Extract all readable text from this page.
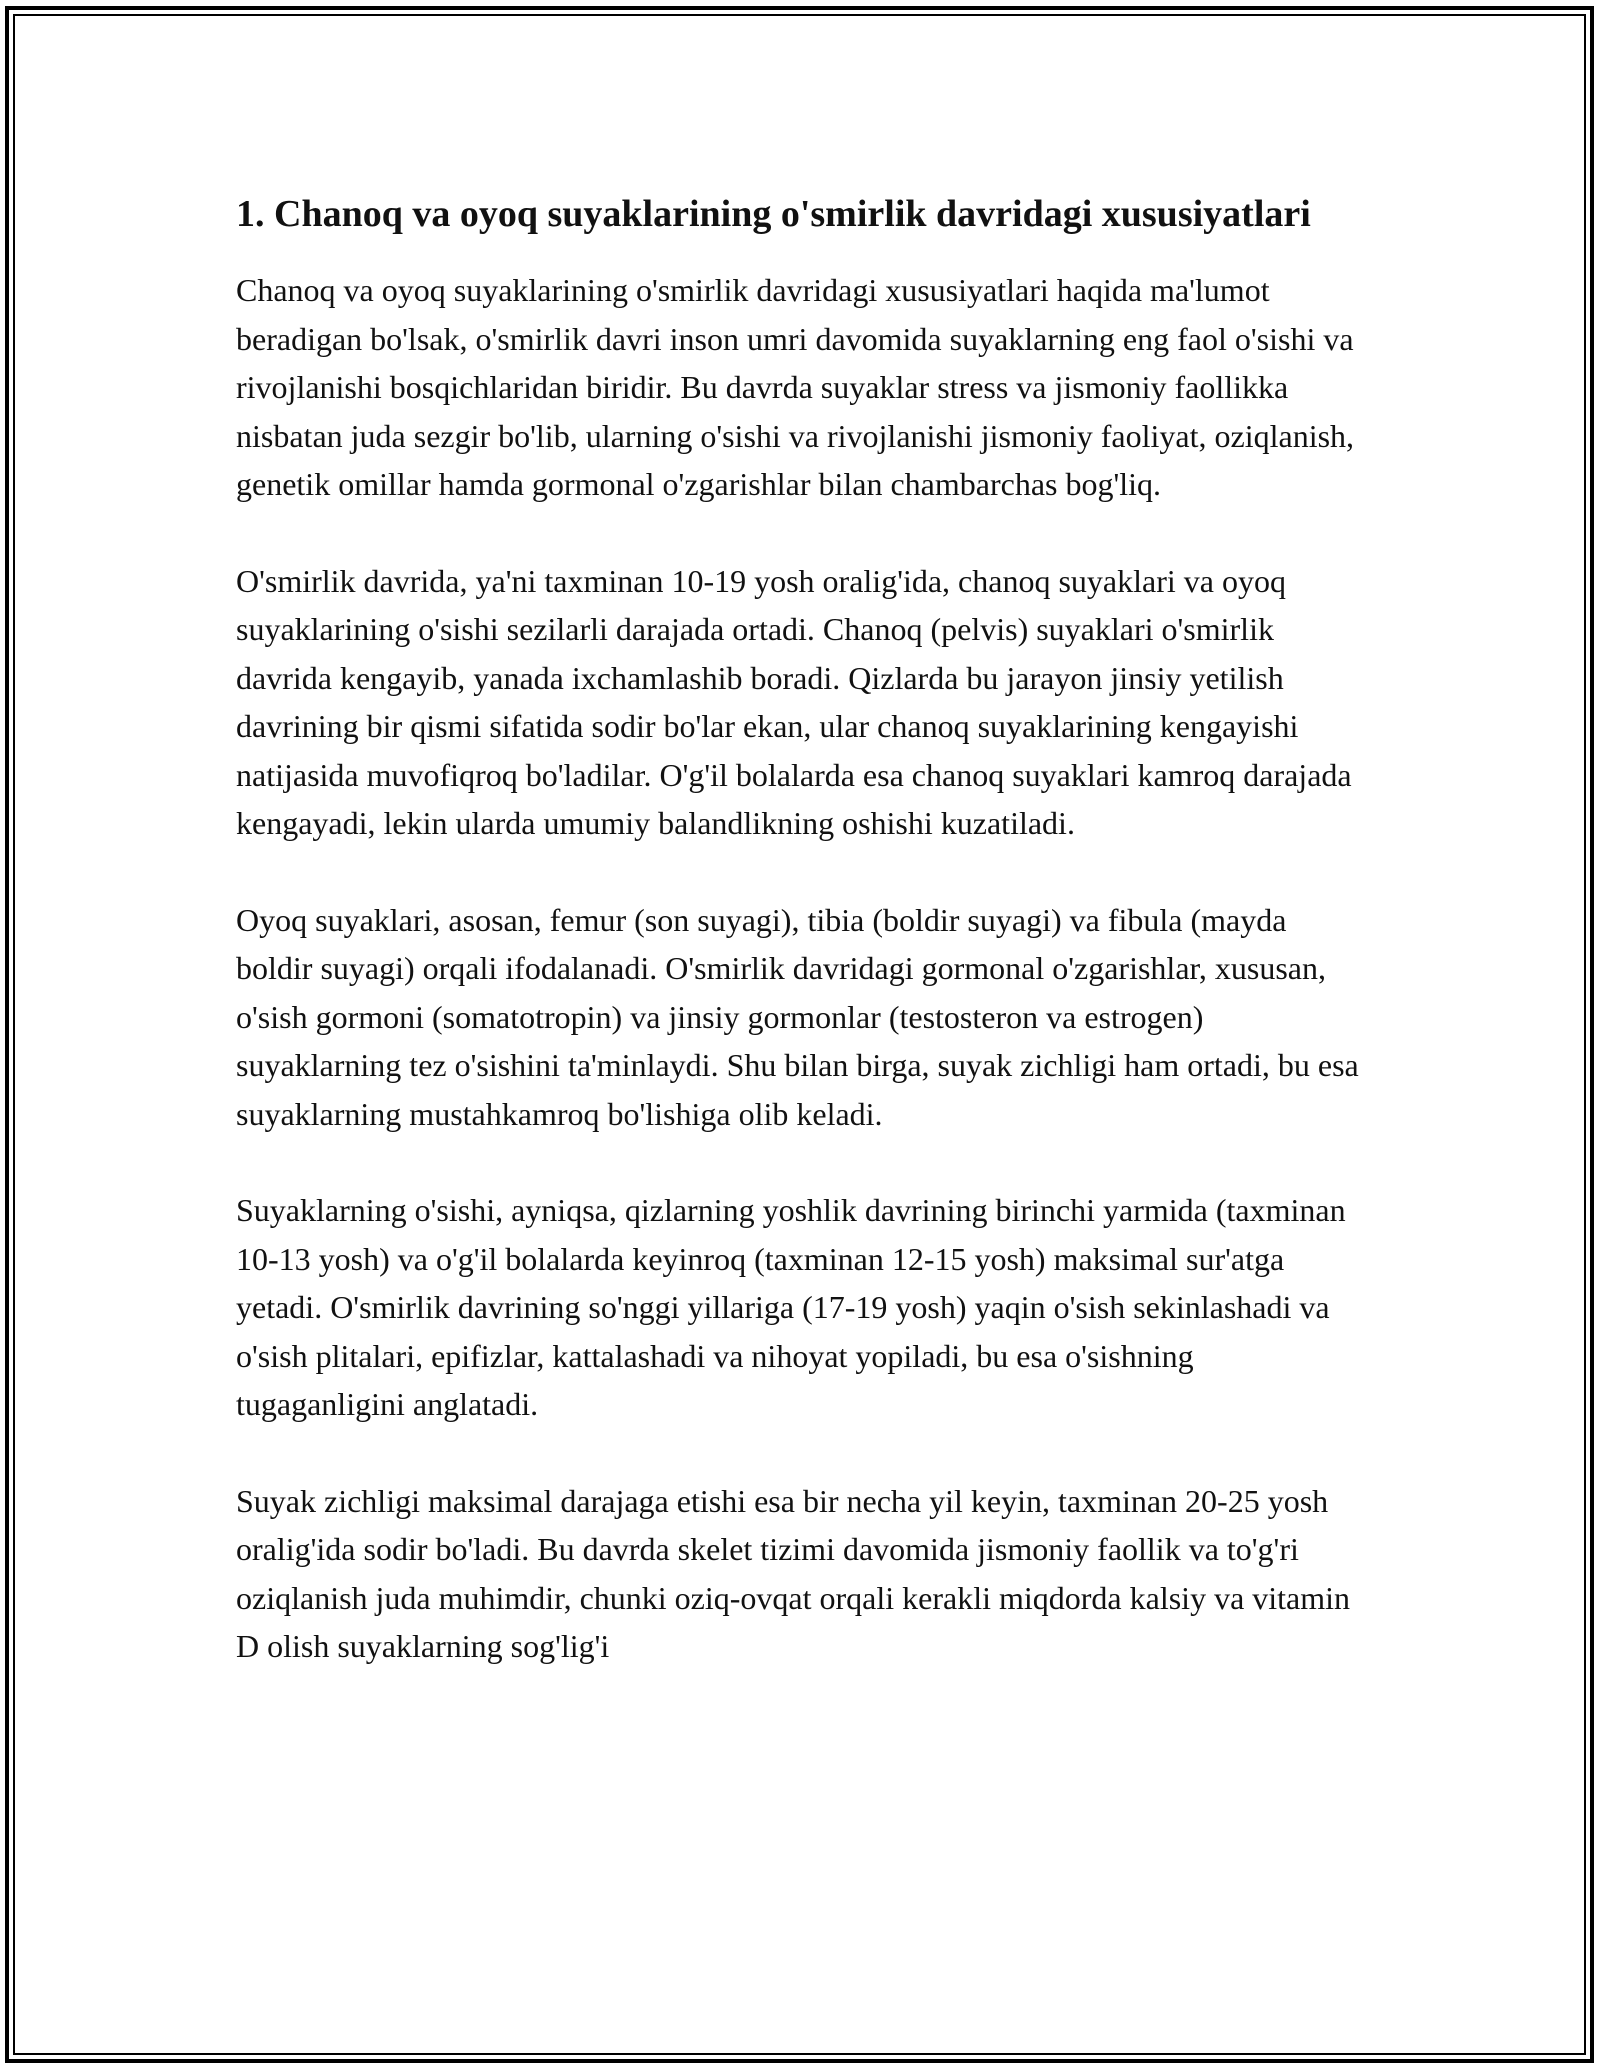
1. Chanoq va oyoq suyaklarining o'smirlik davridagi xususiyatlari

Chanoq va oyoq suyaklarining o'smirlik davridagi xususiyatlari haqida ma'lumot beradigan bo'lsak, o'smirlik davri inson umri davomida suyaklarning eng faol o'sishi va rivojlanishi bosqichlaridan biridir. Bu davrda suyaklar stress va jismoniy faollikka nisbatan juda sezgir bo'lib, ularning o'sishi va rivojlanishi jismoniy faoliyat, oziqlanish, genetik omillar hamda gormonal o'zgarishlar bilan chambarchas bog'liq.

O'smirlik davrida, ya'ni taxminan 10-19 yosh oralig'ida, chanoq suyaklari va oyoq suyaklarining o'sishi sezilarli darajada ortadi. Chanoq (pelvis) suyaklari o'smirlik davrida kengayib, yanada ixchamlashib boradi. Qizlarda bu jarayon jinsiy yetilish davrining bir qismi sifatida sodir bo'lar ekan, ular chanoq suyaklarining kengayishi natijasida muvofiqroq bo'ladilar. O'g'il bolalarda esa chanoq suyaklari kamroq darajada kengayadi, lekin ularda umumiy balandlikning oshishi kuzatiladi.

Oyoq suyaklari, asosan, femur (son suyagi), tibia (boldir suyagi) va fibula (mayda boldir suyagi) orqali ifodalanadi. O'smirlik davridagi gormonal o'zgarishlar, xususan, o'sish gormoni (somatotropin) va jinsiy gormonlar (testosteron va estrogen) suyaklarning tez o'sishini ta'minlaydi. Shu bilan birga, suyak zichligi ham ortadi, bu esa suyaklarning mustahkamroq bo'lishiga olib keladi.

Suyaklarning o'sishi, ayniqsa, qizlarning yoshlik davrining birinchi yarmida (taxminan 10-13 yosh) va o'g'il bolalarda keyinroq (taxminan 12-15 yosh) maksimal sur'atga yetadi. O'smirlik davrining so'nggi yillariga (17-19 yosh) yaqin o'sish sekinlashadi va o'sish plitalari, epifizlar, kattalashadi va nihoyat yopiladi, bu esa o'sishning tugaganligini anglatadi.

Suyak zichligi maksimal darajaga etishi esa bir necha yil keyin, taxminan 20-25 yosh oralig'ida sodir bo'ladi. Bu davrda skelet tizimi davomida jismoniy faollik va to'g'ri oziqlanish juda muhimdir, chunki oziq-ovqat orqali kerakli miqdorda kalsiy va vitamin D olish suyaklarning sog'lig'i
